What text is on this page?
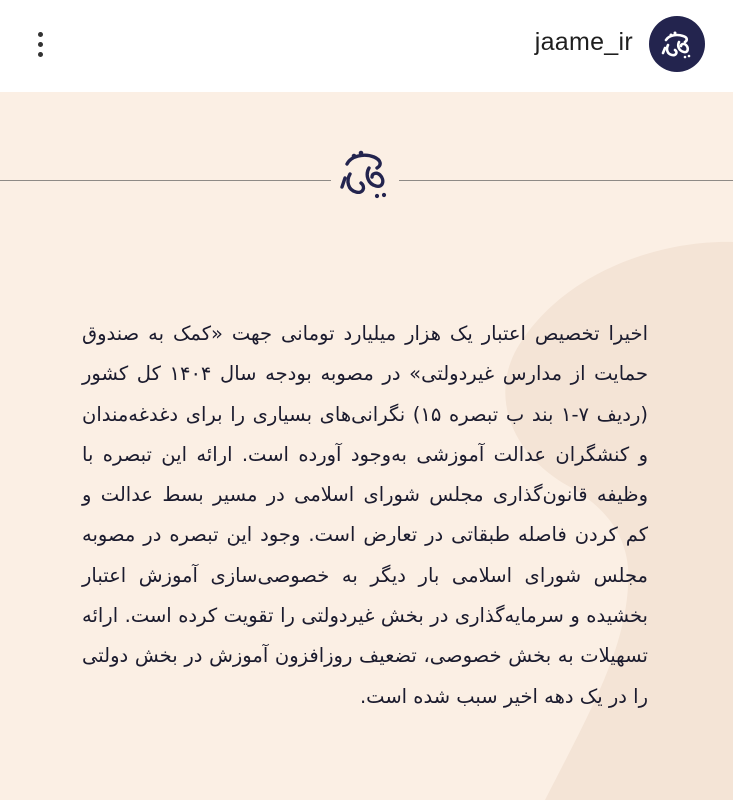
jaame_ir

اخیرا تخصیص اعتبار یک هزار میلیارد تومانی جهت «کمک به صندوق حمایت از مدارس غیردولتی» در مصوبه بودجه سال ۱۴۰۴ کل کشور (ردیف ۷-۱ بند ب تبصره ۱۵) نگرانی‌های بسیاری را برای دغدغه‌مندان و کنشگران عدالت آموزشی به‌وجود آورده است. ارائه این تبصره با وظیفه قانون‌گذاری مجلس شورای اسلامی در مسیر بسط عدالت و کم کردن فاصله طبقاتی در تعارض است. وجود این تبصره در مصوبه مجلس شورای اسلامی بار دیگر به خصوصی‌سازی آموزش اعتبار بخشیده و سرمایه‌گذاری در بخش غیردولتی را تقویت کرده است. ارائه تسهیلات به بخش خصوصی، تضعیف روزافزون آموزش در بخش دولتی را در یک دهه اخیر سبب شده است.
